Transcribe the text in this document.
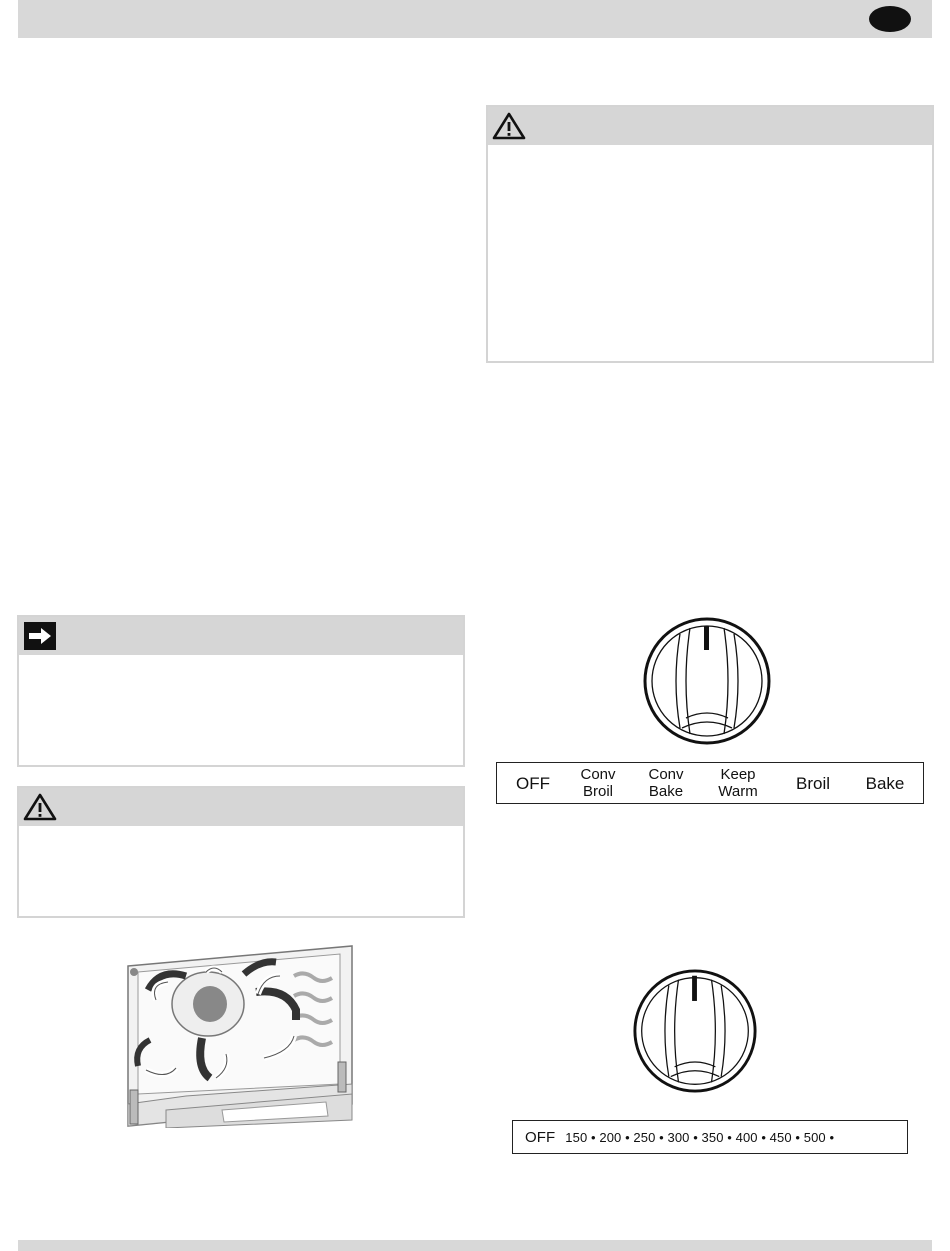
OFF Conv
Broil
Conv
Bake
Keep
Warm Broil Bake
OFF 150 • 200 • 250 • 300 • 350 • 400 • 450 • 500 •
